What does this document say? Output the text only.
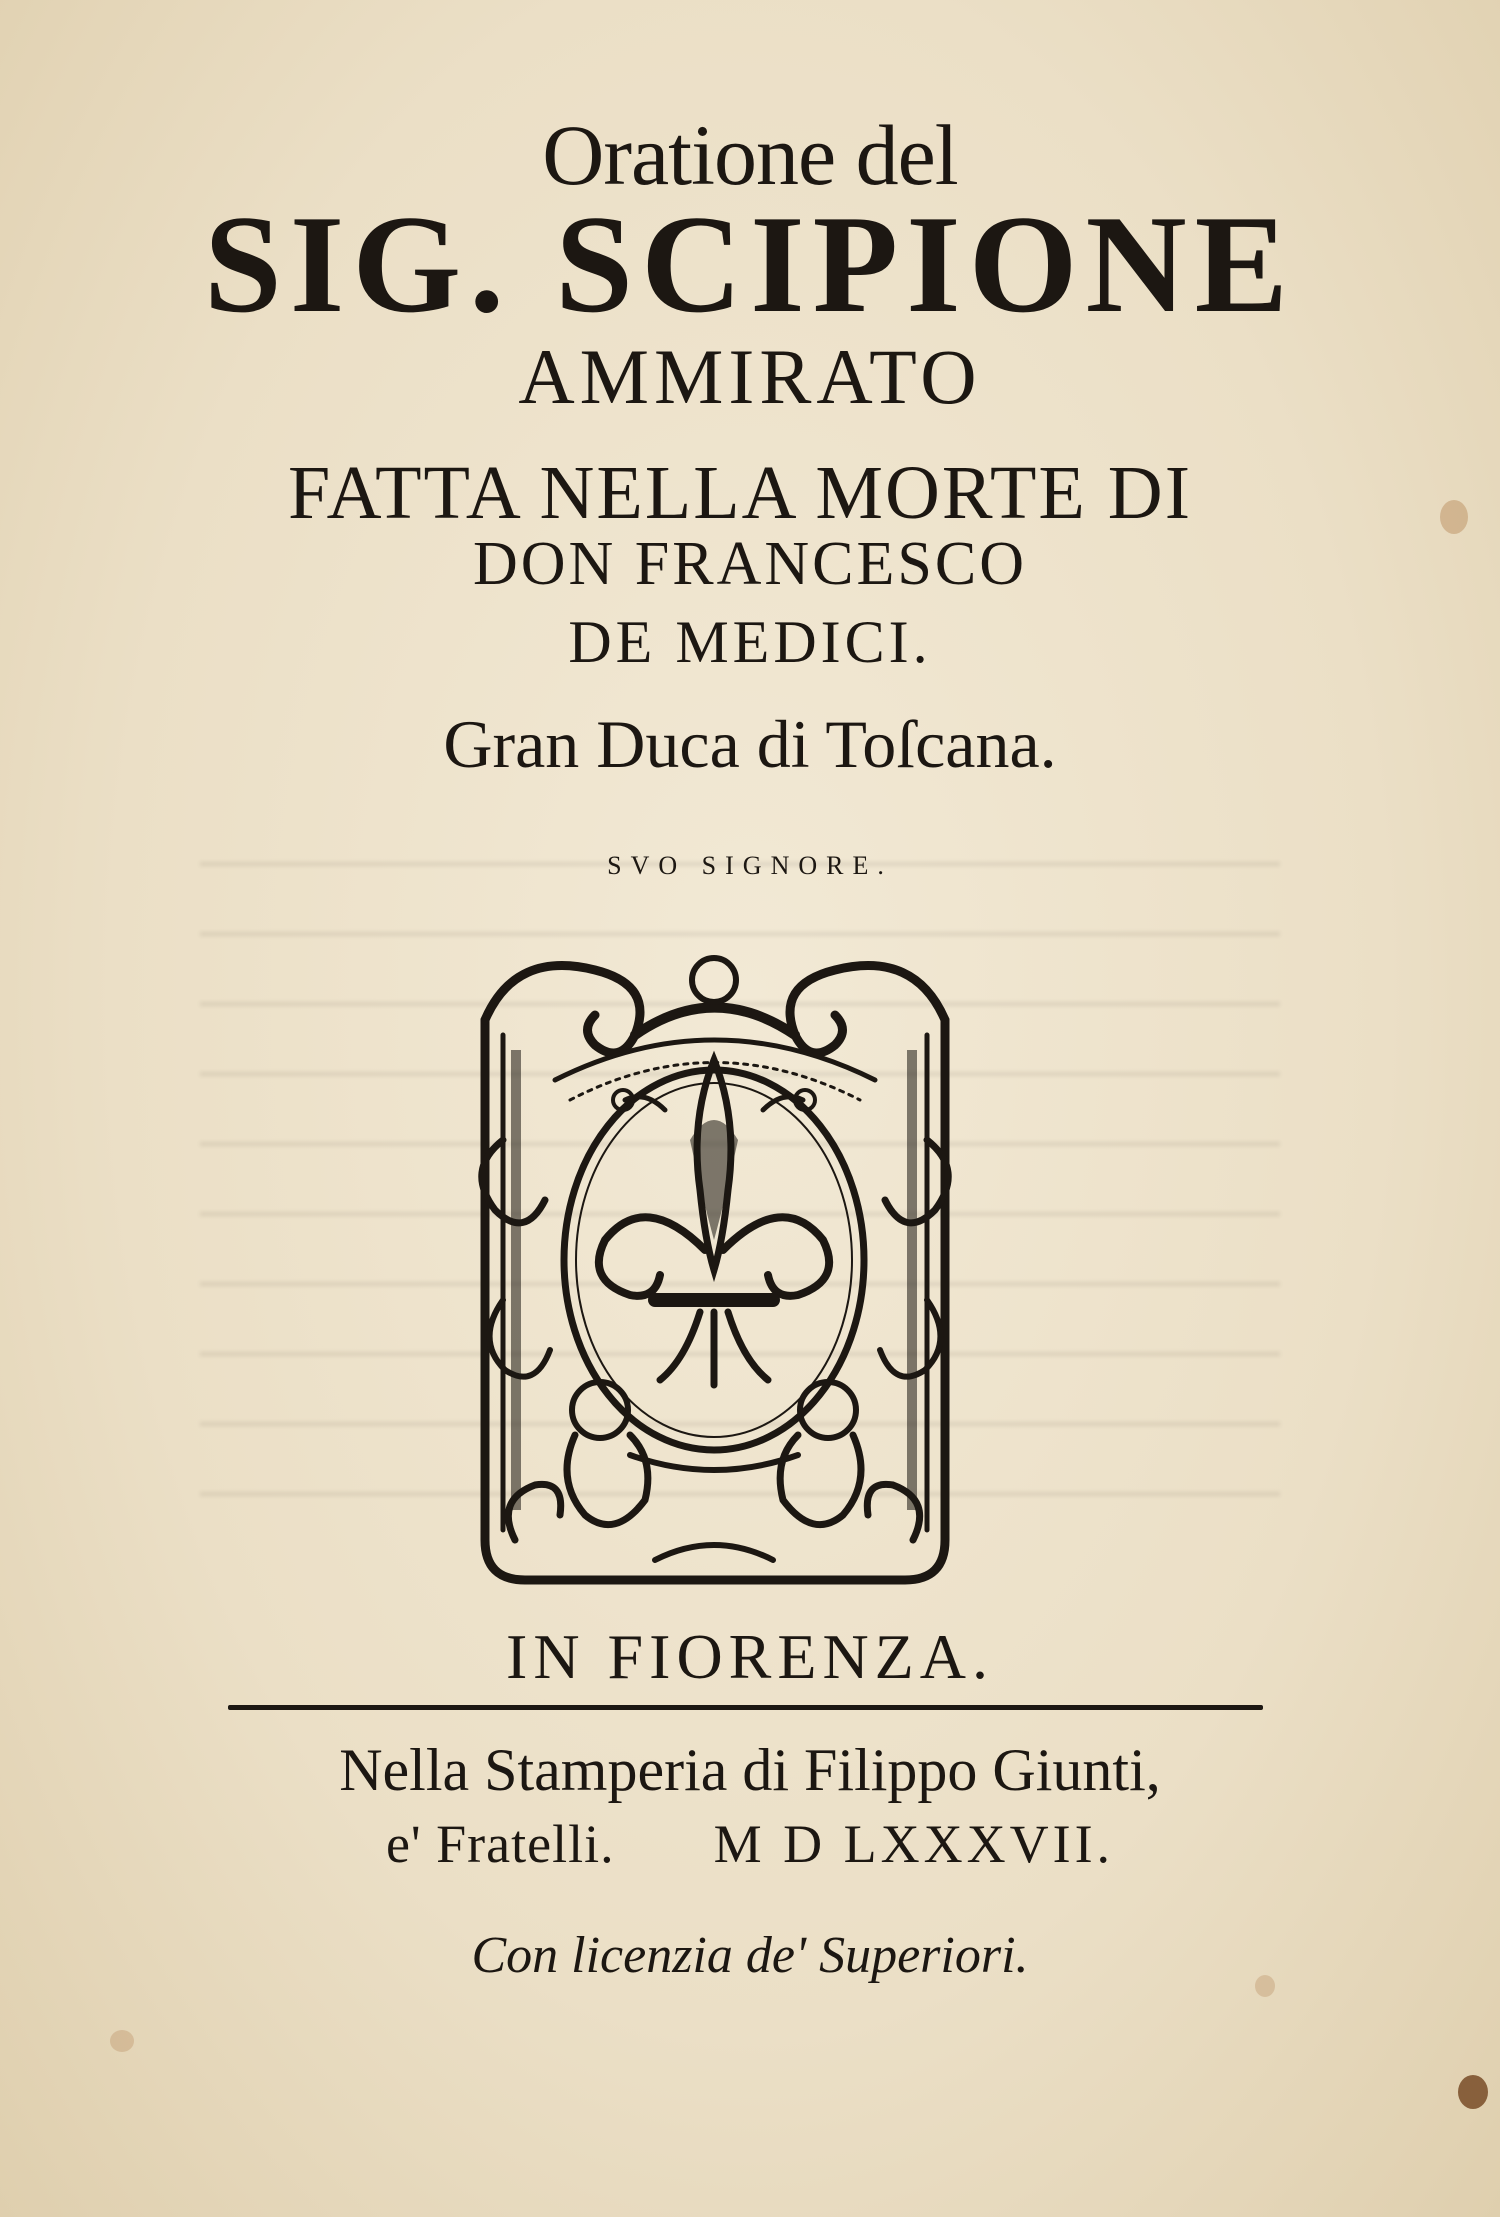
Oratione del
SIG. SCIPIONE
AMMIRATO
FATTA NELLA MORTE DI
DON FRANCESCO
DE MEDICI.
Gran Duca di Toſcana.
SVO SIGNORE.
IN FIORENZA.
Nella Stamperia di Filippo Giunti,
e' Fratelli. M D LXXXVII.
Con licenzia de' Superiori.
